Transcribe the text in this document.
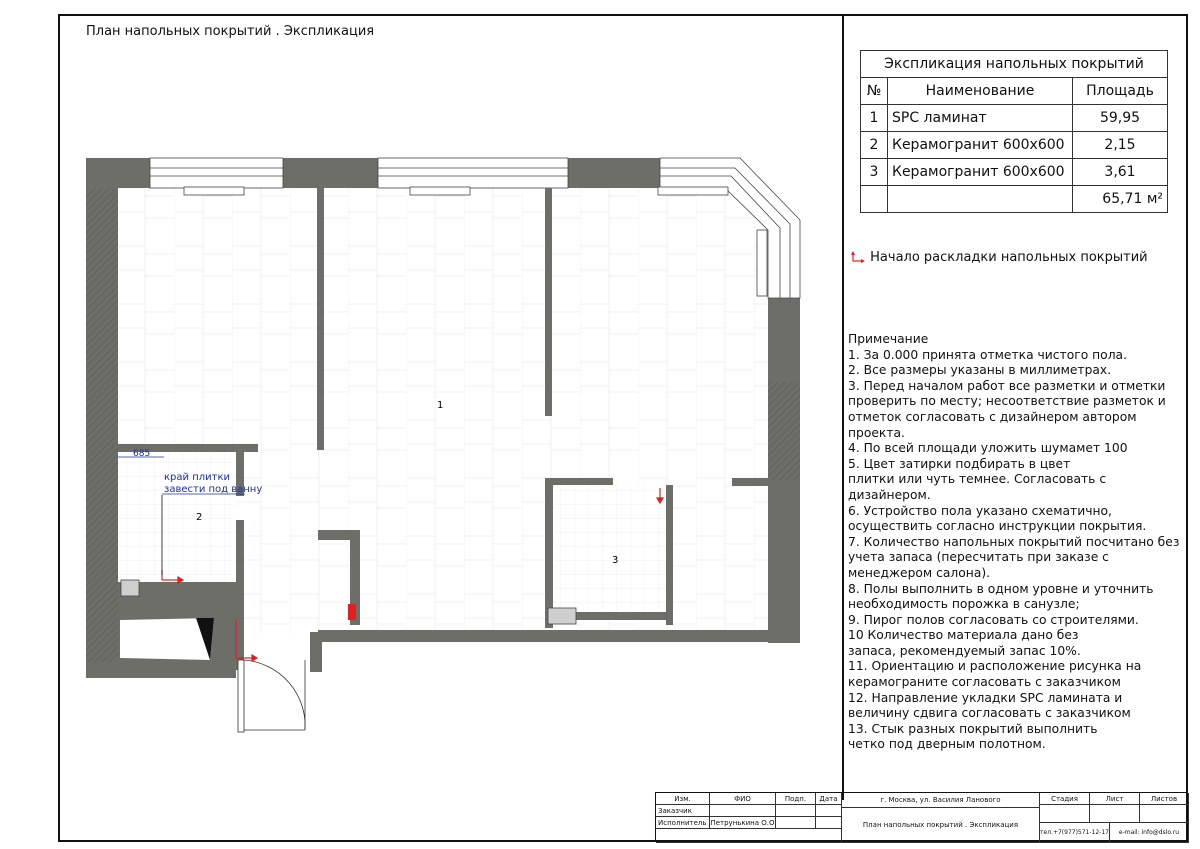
План напольных покрытий . Экспликация
685
край плитки
завести под ванну
1
2
3
Экспликация напольных покрытий		
№	Наименование	Площадь
1	SPC ламинат	59,95
2	Керамогранит 600х600	2,15
3	Керамогранит 600х600	3,61
		65,71 м²
Начало раскладки напольных покрытий
Примечание
1. За 0.000 принята отметка чистого пола.
2. Все размеры указаны в миллиметрах.
3. Перед началом работ все разметки и отметки
проверить по месту; несоответствие разметок и
отметок согласовать с дизайнером автором
проекта.
4. По всей площади уложить шумамет 100
5. Цвет затирки подбирать в цвет
плитки или чуть темнее. Согласовать с
дизайнером.
6. Устройство пола указано схематично,
осуществить согласно инструкции покрытия.
7. Количество напольных покрытий посчитано без
учета запаса (пересчитать при заказе с
менеджером салона).
8. Полы выполнить в одном уровне и уточнить
необходимость порожка в санузле;
9. Пирог полов согласовать со строителями.
10 Количество материала дано без
запаса, рекомендуемый запас 10%.
11. Ориентацию и расположение рисунка на
керамограните согласовать с заказчиком
12. Направление укладки SPC ламината и
величину сдвига согласовать с заказчиком
13. Стык разных покрытий выполнить
четко под дверным полотном.
Изм.	ФИО	Подп.	Дата
Заказчик
Исполнитель Петрунькина О.О
г. Москва, ул. Василия Ланового
План напольных покрытий . Экспликация
Стадия	Лист	Листов
тел.+7(977)571-12-17	e-mail: info@dslo.ru
